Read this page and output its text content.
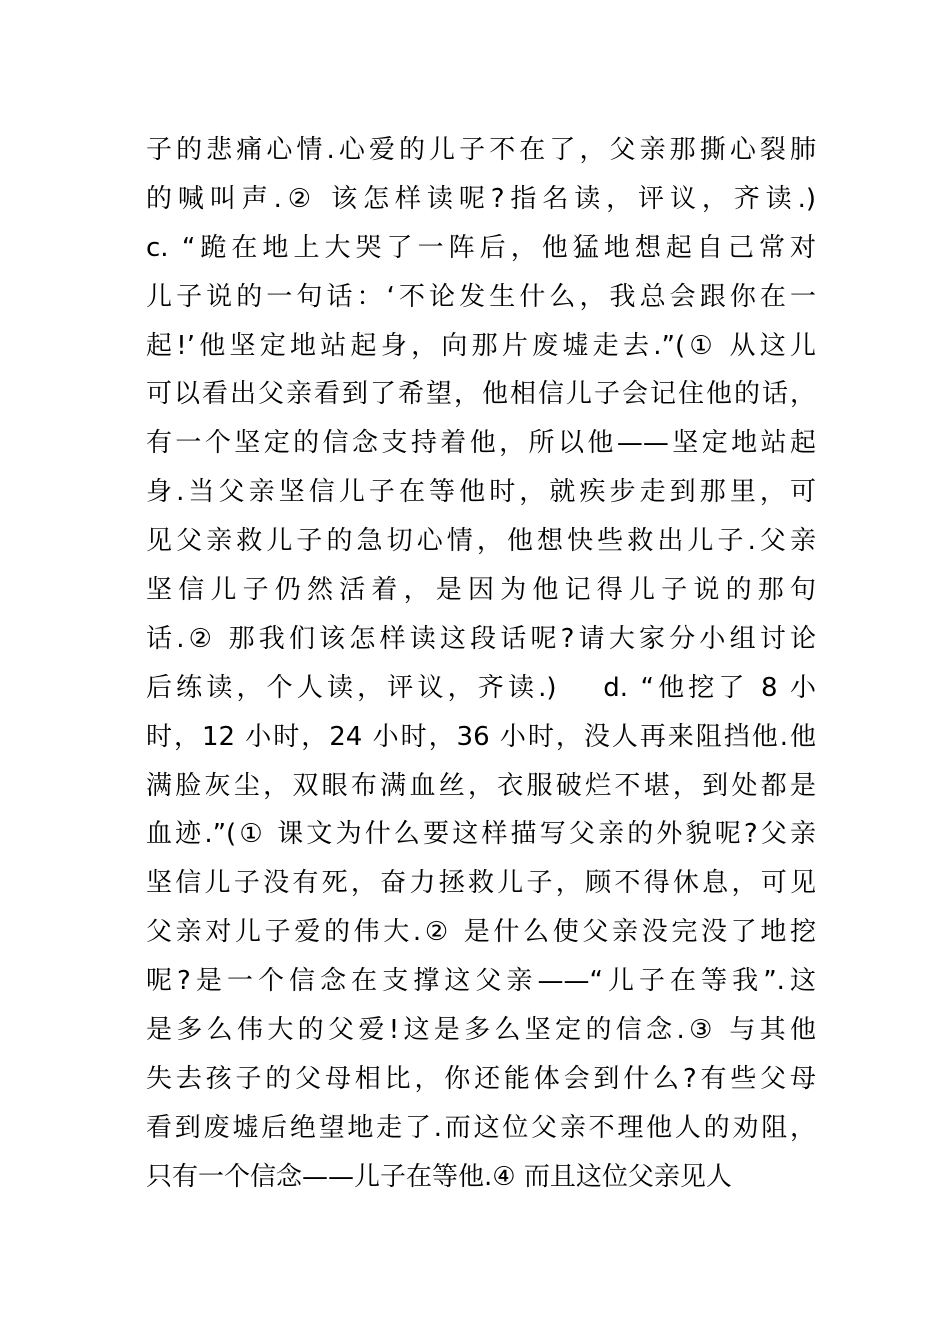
子的悲痛心情.心爱的儿子不在了，父亲那撕心裂肺
的喊叫声.② 该怎样读呢?指名读，评议，齐读.)
c. “跪在地上大哭了一阵后，他猛地想起自己常对
儿子说的一句话：‘不论发生什么，我总会跟你在一
起!’他坚定地站起身，向那片废墟走去.”(① 从这儿
可以看出父亲看到了希望，他相信儿子会记住他的话，
有一个坚定的信念支持着他，所以他——坚定地站起
身.当父亲坚信儿子在等他时，就疾步走到那里，可
见父亲救儿子的急切心情，他想快些救出儿子.父亲
坚信儿子仍然活着，是因为他记得儿子说的那句
话.② 那我们该怎样读这段话呢?请大家分小组讨论
后练读，个人读，评议，齐读.)　 d. “他挖了 8 小
时，12 小时，24 小时，36 小时，没人再来阻挡他.他
满脸灰尘，双眼布满血丝，衣服破烂不堪，到处都是
血迹.”(① 课文为什么要这样描写父亲的外貌呢?父亲
坚信儿子没有死，奋力拯救儿子，顾不得休息，可见
父亲对儿子爱的伟大.② 是什么使父亲没完没了地挖
呢?是一个信念在支撑这父亲——“儿子在等我”.这
是多么伟大的父爱!这是多么坚定的信念.③ 与其他
失去孩子的父母相比，你还能体会到什么?有些父母
看到废墟后绝望地走了.而这位父亲不理他人的劝阻，
只有一个信念——儿子在等他.④ 而且这位父亲见人
